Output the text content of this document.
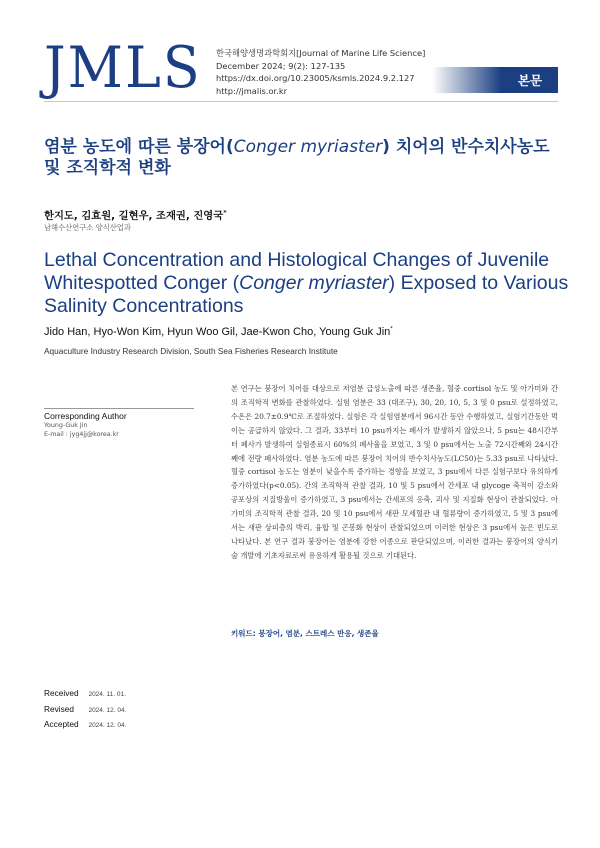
JMLS 한국해양생명과학회지[Journal of Marine Life Science]
December 2024; 9(2): 127-135
https://dx.doi.org/10.23005/ksmls.2024.9.2.127
http://jmalis.or.kr
본문
염분 농도에 따른 붕장어(Conger myriaster) 치어의 반수치사농도 및 조직학적 변화
한지도, 김효원, 길현우, 조재권, 진영국*
남해수산연구소 양식산업과
Lethal Concentration and Histological Changes of Juvenile Whitespotted Conger (Conger myriaster) Exposed to Various Salinity Concentrations
Jido Han, Hyo-Won Kim, Hyun Woo Gil, Jae-Kwon Cho, Young Guk Jin*
Aquaculture Industry Research Division, South Sea Fisheries Research Institute
Corresponding Author
Young-Guk Jin
E-mail : jyg4jj@korea.kr

본 연구는 붕장어 치어를 대상으로 저염분 급성노출에 따른 생존율, 혈중 cortisol 농도 및 아가미와 간의 조직학적 변화를 관찰하였다. 실험 염분은 33 (대조구), 30, 20, 10, 5, 3 및 0 psu로 설정하였고, 수온은 20.7±0.9℃로 조절하였다. 실험은 각 실험염분에서 96시간 동안 수행하였고, 실험기간동안 먹이는 공급하지 않았다. 그 결과, 33부터 10 psu까지는 폐사가 발생하지 않았으나, 5 psu는 48시간부터 폐사가 발생하여 실험종료시 60%의 폐사율을 보였고, 3 및 0 psu에서는 노출 72시간째와 24시간째에 전량 폐사하였다. 염분 농도에 따른 붕장어 치어의 반수치사농도(LC50)는 5.33 psu로 나타났다. 혈중 cortisol 농도는 염분이 낮을수록 증가하는 경향을 보였고, 3 psu에서 다른 실험구보다 유의하게 증가하였다(p<0.05). 간의 조직학적 관찰 결과, 10 및 5 psu에서 간세포 내 glycoge 축적이 감소와 공포상의 지질방울이 증가하였고, 3 psu에서는 간세포의 응축, 괴사 및 지질화 현상이 관찰되었다. 아가미의 조직학적 관찰 결과, 20 및 10 psu에서 새판 모세혈관 내 혈류량이 증가하였고, 5 및 3 psu에서는 새판 상피층의 박리, 융합 및 곤봉화 현상이 관찰되었으며 이러한 현상은 3 psu에서 높은 빈도로 나타났다. 본 연구 결과 붕장어는 염분에 강한 어종으로 판단되었으며, 이러한 결과는 붕장어의 양식기술 개발에 기초자료로써 유용하게 활용될 것으로 기대된다.

키워드: 붕장어, 염분, 스트레스 반응, 생존율
Received 2024. 11. 01.
Revised 2024. 12. 04.
Accepted 2024. 12. 04.
